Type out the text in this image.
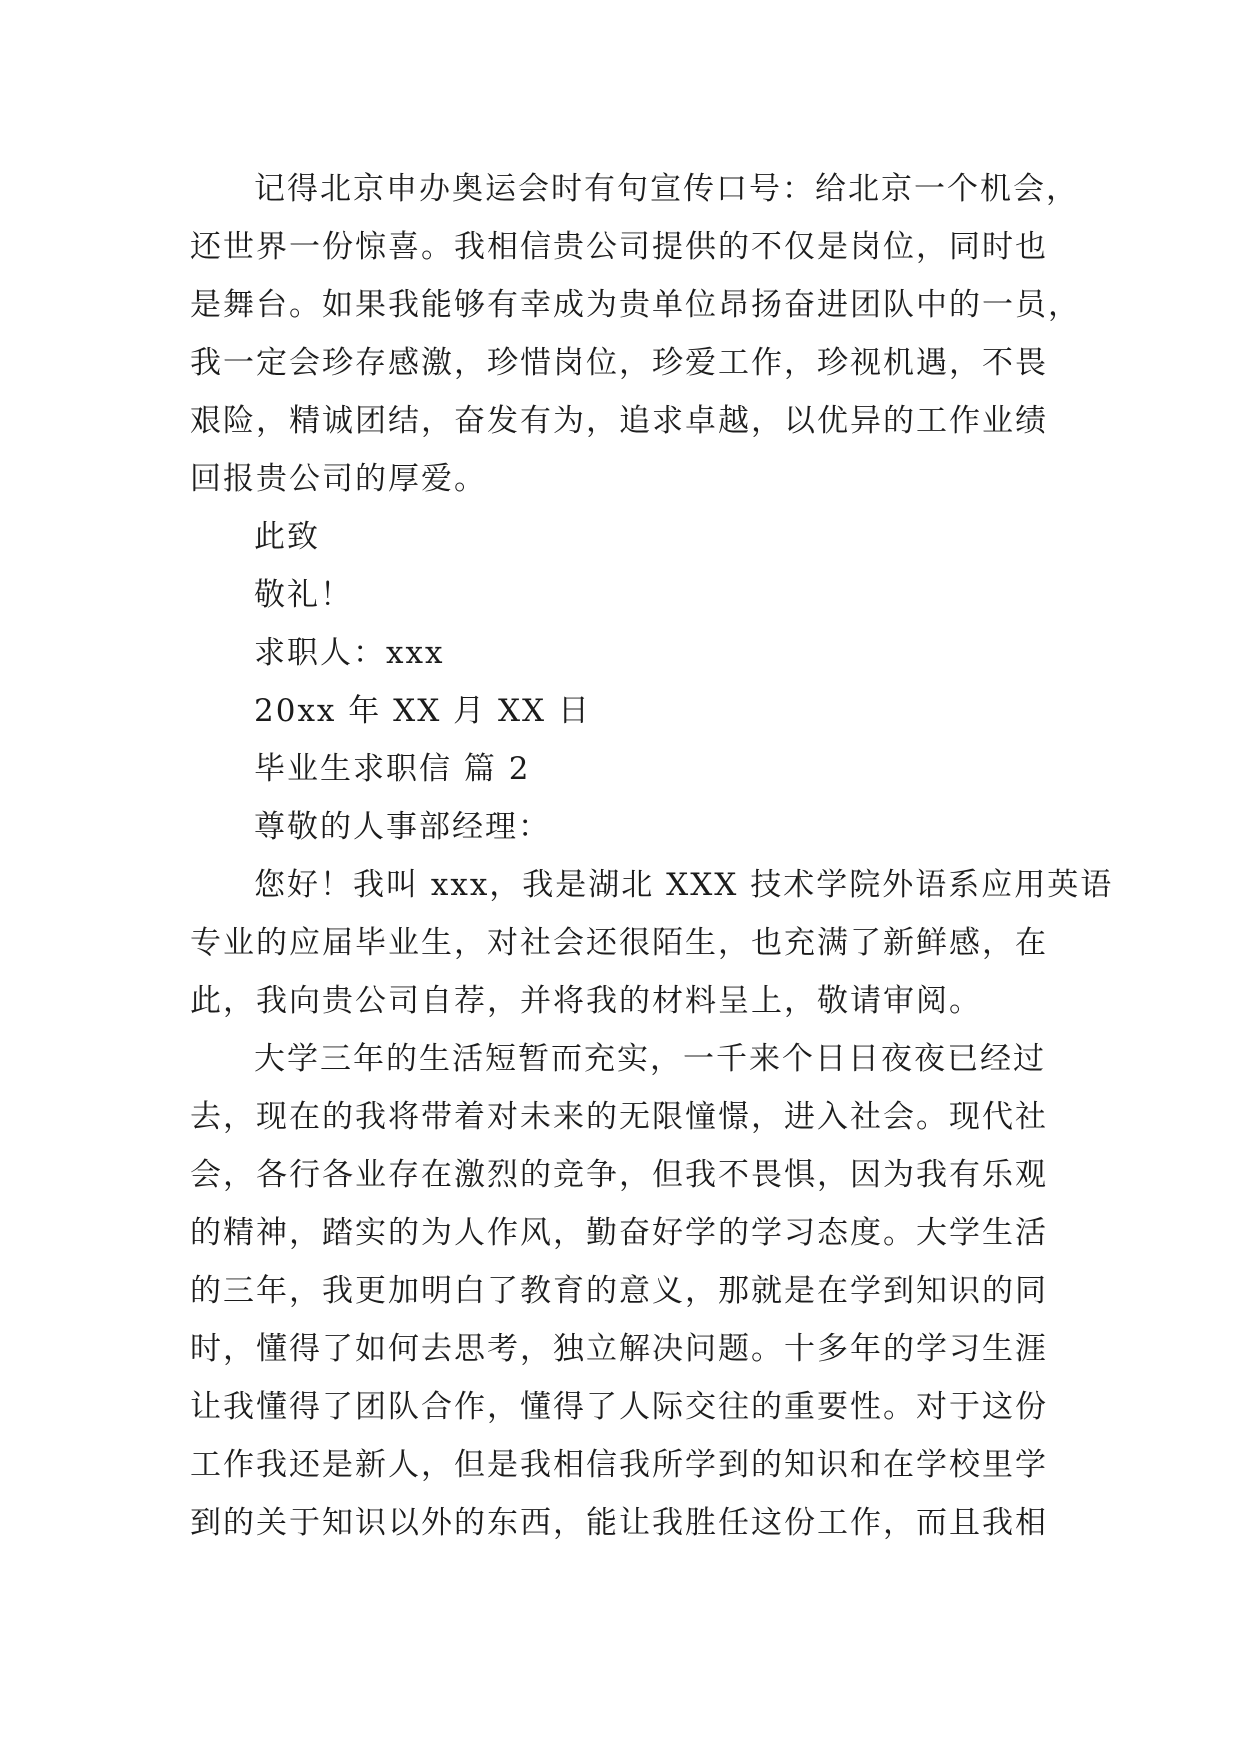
记得北京申办奥运会时有句宣传口号：给北京一个机会，
还世界一份惊喜。我相信贵公司提供的不仅是岗位，同时也
是舞台。如果我能够有幸成为贵单位昂扬奋进团队中的一员，
我一定会珍存感激，珍惜岗位，珍爱工作，珍视机遇，不畏
艰险，精诚团结，奋发有为，追求卓越，以优异的工作业绩
回报贵公司的厚爱。
此致
敬礼！
求职人：xxx
20xx 年 XX 月 XX 日
毕业生求职信 篇 2
尊敬的人事部经理：
您好！我叫 xxx，我是湖北 XXX 技术学院外语系应用英语
专业的应届毕业生，对社会还很陌生，也充满了新鲜感，在
此，我向贵公司自荐，并将我的材料呈上，敬请审阅。
大学三年的生活短暂而充实，一千来个日日夜夜已经过
去，现在的我将带着对未来的无限憧憬，进入社会。现代社
会，各行各业存在激烈的竞争，但我不畏惧，因为我有乐观
的精神，踏实的为人作风，勤奋好学的学习态度。大学生活
的三年，我更加明白了教育的意义，那就是在学到知识的同
时，懂得了如何去思考，独立解决问题。十多年的学习生涯
让我懂得了团队合作，懂得了人际交往的重要性。对于这份
工作我还是新人，但是我相信我所学到的知识和在学校里学
到的关于知识以外的东西，能让我胜任这份工作，而且我相
